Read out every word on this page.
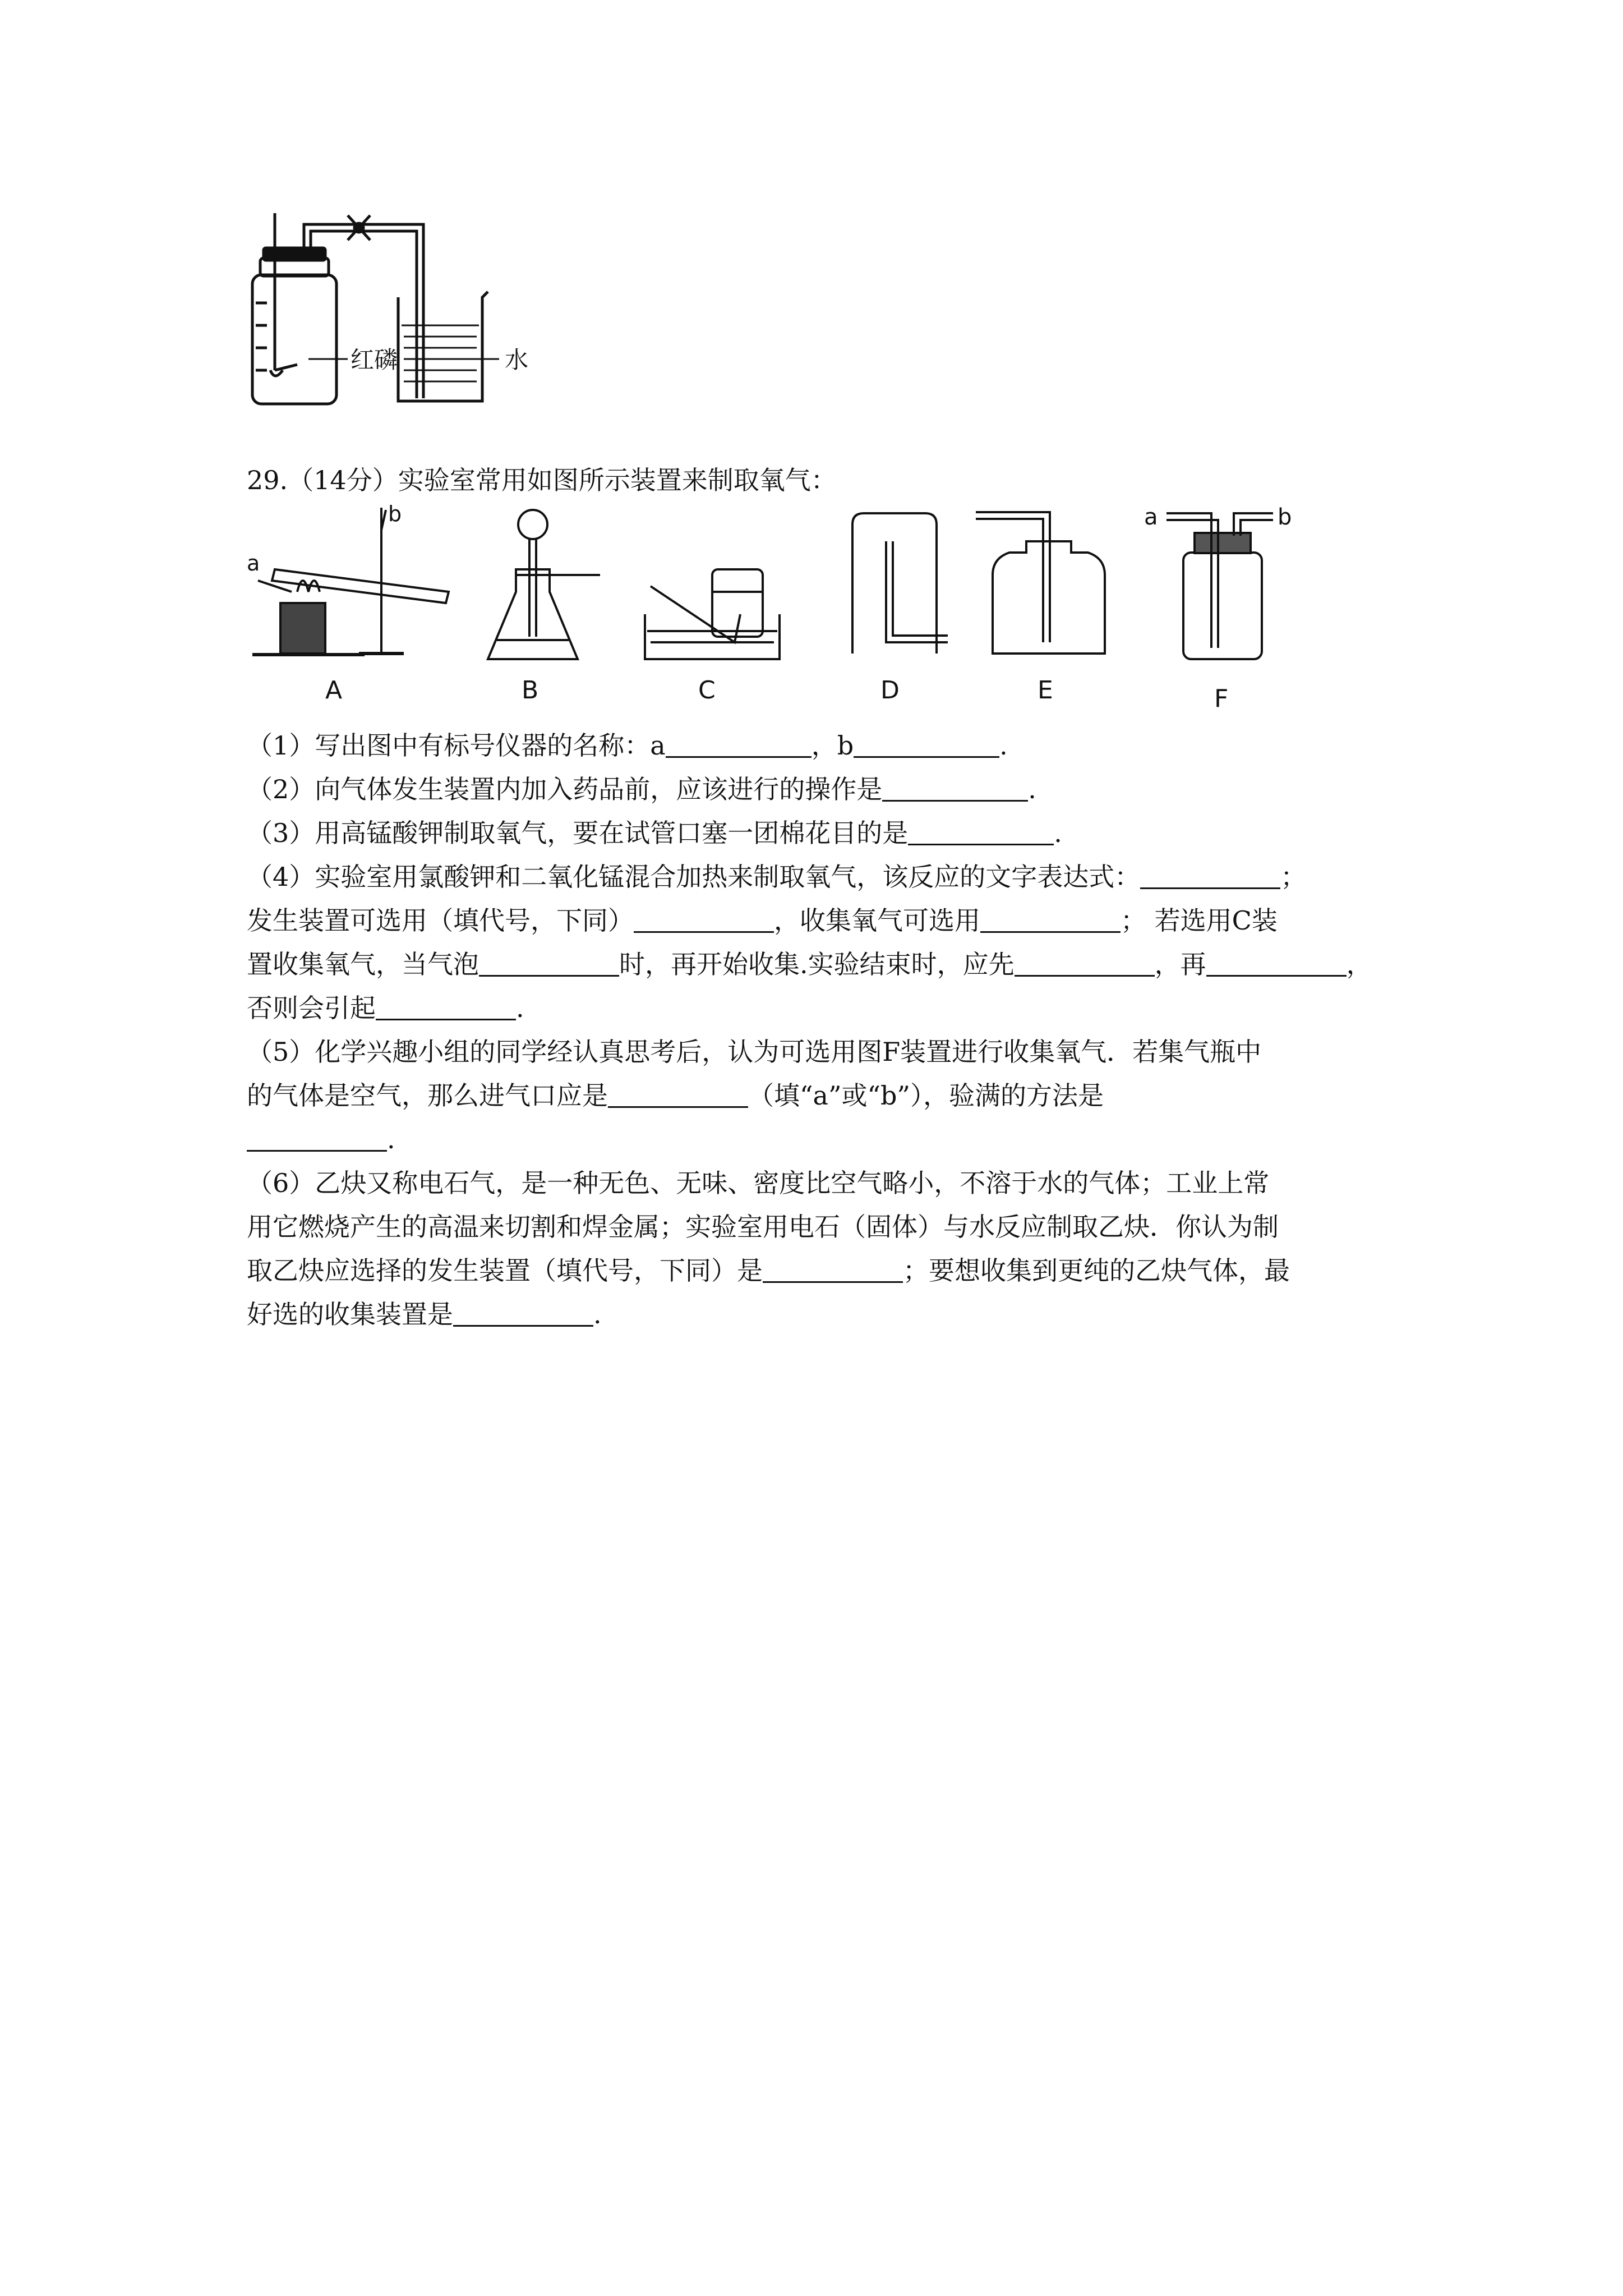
红磷	水
29.（14分）实验室常用如图所示装置来制取氧气：
a
b
A	B	C	D	E
a	b
F
（1）写出图中有标号仪器的名称：a	，b	.
（2）向气体发生装置内加入药品前，应该进行的操作是	.
（3）用高锰酸钾制取氧气，要在试管口塞一团棉花目的是	.
（4）实验室用氯酸钾和二氧化锰混合加热来制取氧气，该反应的文字表达式：	；
发生装置可选用（填代号，下同）	，收集氧气可选用	； 若选用C装
置收集氧气，当气泡	时，再开始收集.实验结束时，应先	，再	，
否则会引起	.
（5）化学兴趣小组的同学经认真思考后，认为可选用图F装置进行收集氧气．若集气瓶中
的气体是空气，那么进气口应是	（填“a”或“b”），验满的方法是
.
（6）乙炔又称电石气，是一种无色、无味、密度比空气略小，不溶于水的气体；工业上常
用它燃烧产生的高温来切割和焊金属；实验室用电石（固体）与水反应制取乙炔．你认为制
取乙炔应选择的发生装置（填代号，下同）是	；要想收集到更纯的乙炔气体，最
好选的收集装置是	.
